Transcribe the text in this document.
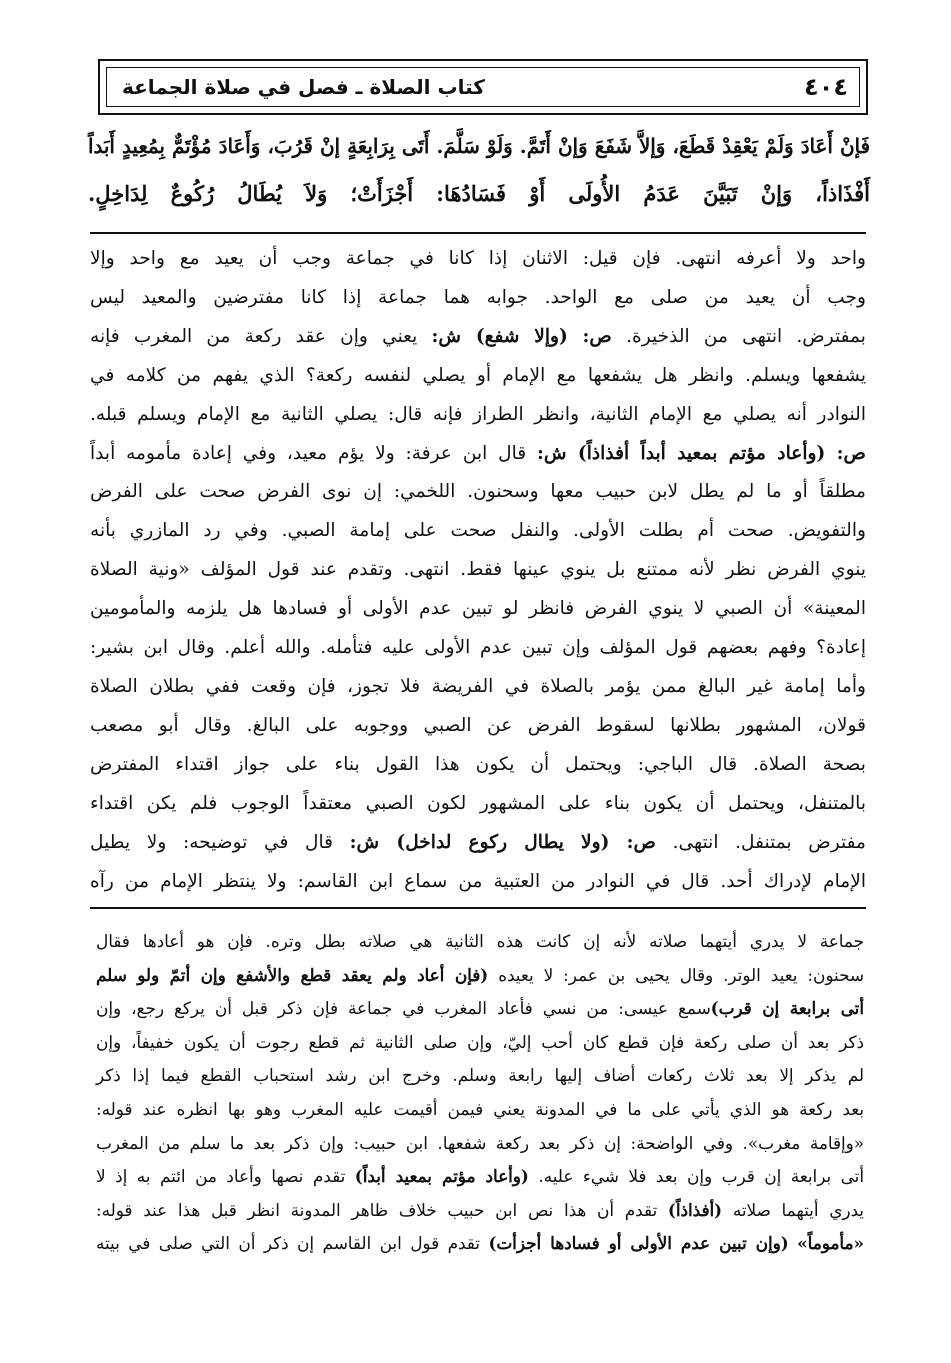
٤٠٤
كتاب الصلاة ـ فصل في صلاة الجماعة
فَإنْ أَعَادَ وَلَمْ يَعْقِدْ قَطَعَ، وَإلاَّ شَفَعَ وَإنْ أَتَمَّ. وَلَوْ سَلَّمَ. أَتَى بِرَابِعَةٍ إنْ قَرُبَ، وَأَعَادَ مُؤْتَمٌّ بِمُعِيدٍ أَبَداً
أَفْذَاذاً، وَإنْ تَبَيَّنَ عَدَمُ الأُولَى أَوْ فَسَادُهَا: أَجْزَأَتْ؛ وَلاَ يُطَالُ رُكُوعٌ لِدَاخِلٍ.
واحد ولا أعرفه انتهى. فإن قيل: الاثنان إذا كانا في جماعة وجب أن يعيد مع واحد وإلا
وجب أن يعيد من صلى مع الواحد. جوابه هما جماعة إذا كانا مفترضين والمعيد ليس
بمفترض. انتهى من الذخيرة. ص: (وإلا شفع) ش: يعني وإن عقد ركعة من المغرب فإنه
يشفعها ويسلم. وانظر هل يشفعها مع الإمام أو يصلي لنفسه ركعة؟ الذي يفهم من كلامه في
النوادر أنه يصلي مع الإمام الثانية، وانظر الطراز فإنه قال: يصلي الثانية مع الإمام ويسلم قبله.
ص: (وأعاد مؤتم بمعيد أبداً أفذاذاً) ش: قال ابن عرفة: ولا يؤم معيد، وفي إعادة مأمومه أبداً
مطلقاً أو ما لم يطل لابن حبيب معها وسحنون. اللخمي: إن نوى الفرض صحت على الفرض
والتفويض. صحت أم بطلت الأولى. والنفل صحت على إمامة الصبي. وفي رد المازري بأنه
ينوي الفرض نظر لأنه ممتنع بل ينوي عينها فقط. انتهى. وتقدم عند قول المؤلف «ونية الصلاة
المعينة» أن الصبي لا ينوي الفرض فانظر لو تبين عدم الأولى أو فسادها هل يلزمه والمأمومين
إعادة؟ وفهم بعضهم قول المؤلف وإن تبين عدم الأولى عليه فتأمله. والله أعلم. وقال ابن بشير:
وأما إمامة غير البالغ ممن يؤمر بالصلاة في الفريضة فلا تجوز، فإن وقعت ففي بطلان الصلاة
قولان، المشهور بطلانها لسقوط الفرض عن الصبي ووجوبه على البالغ. وقال أبو مصعب
بصحة الصلاة. قال الباجي: ويحتمل أن يكون هذا القول بناء على جواز اقتداء المفترض
بالمتنفل، ويحتمل أن يكون بناء على المشهور لكون الصبي معتقداً الوجوب فلم يكن اقتداء
مفترض بمتنفل. انتهى. ص: (ولا يطال ركوع لداخل) ش: قال في توضيحه: ولا يطيل
الإمام لإدراك أحد. قال في النوادر من العتبية من سماع ابن القاسم: ولا ينتظر الإمام من رآه
جماعة لا يدري أيتهما صلاته لأنه إن كانت هذه الثانية هي صلاته بطل وتره. فإن هو أعادها فقال
سحنون: يعيد الوتر. وقال يحيى بن عمر: لا يعيده (فإن أعاد ولم يعقد قطع والأشفع وإن أتمّ ولو سلم
أتى برابعة إن قرب)سمع عيسى: من نسي فأعاد المغرب في جماعة فإن ذكر قبل أن يركع رجع، وإن
ذكر بعد أن صلى ركعة فإن قطع كان أحب إليّ، وإن صلى الثانية ثم قطع رجوت أن يكون خفيفاً، وإن
لم يذكر إلا بعد ثلاث ركعات أضاف إليها رابعة وسلم. وخرج ابن رشد استحباب القطع فيما إذا ذكر
بعد ركعة هو الذي يأتي على ما في المدونة يعني فيمن أقيمت عليه المغرب وهو بها انظره عند قوله:
«وإقامة مغرب». وفي الواضحة: إن ذكر بعد ركعة شفعها. ابن حبيب: وإن ذكر بعد ما سلم من المغرب
أتى برابعة إن قرب وإن بعد فلا شيء عليه. (وأعاد مؤتم بمعيد أبداً) تقدم نصها وأعاد من ائتم به إذ لا
يدري أيتهما صلاته (أفذاذاً) تقدم أن هذا نص ابن حبيب خلاف ظاهر المدونة انظر قبل هذا عند قوله:
«مأموماً» (وإن تبين عدم الأولى أو فسادها أجزأت) تقدم قول ابن القاسم إن ذكر أن التي صلى في بيته
